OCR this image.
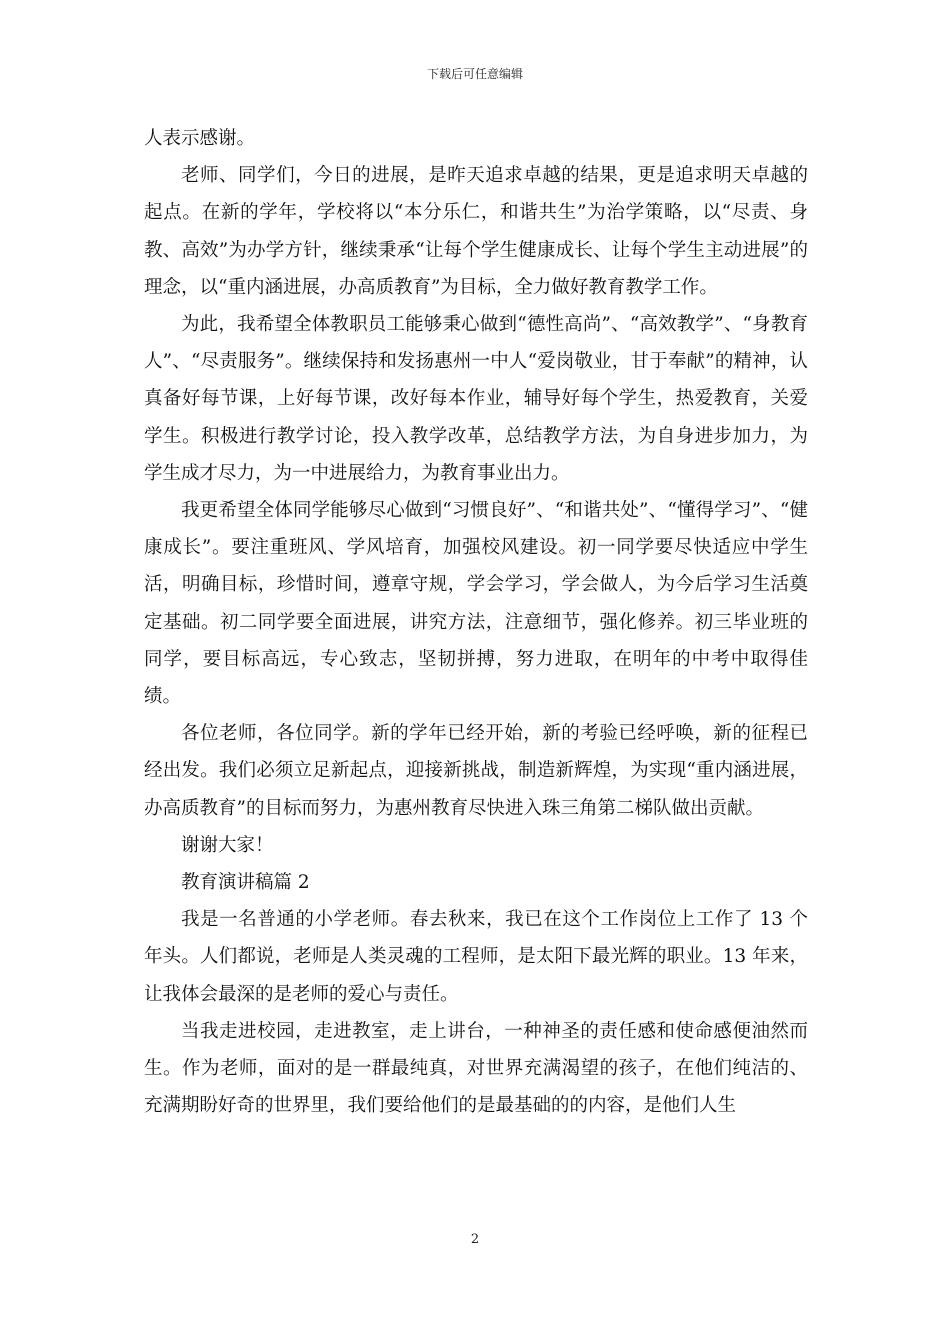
下载后可任意编辑

人表示感谢。

老师、同学们，今日的进展，是昨天追求卓越的结果，更是追求明天卓越的起点。在新的学年，学校将以“本分乐仁，和谐共生”为治学策略，以“尽责、身教、高效”为办学方针，继续秉承“让每个学生健康成长、让每个学生主动进展”的理念，以“重内涵进展，办高质教育”为目标，全力做好教育教学工作。

为此，我希望全体教职员工能够秉心做到“德性高尚”、“高效教学”、“身教育人”、“尽责服务”。继续保持和发扬惠州一中人“爱岗敬业，甘于奉献”的精神，认真备好每节课，上好每节课，改好每本作业，辅导好每个学生，热爱教育，关爱学生。积极进行教学讨论，投入教学改革，总结教学方法，为自身进步加力，为学生成才尽力，为一中进展给力，为教育事业出力。

我更希望全体同学能够尽心做到“习惯良好”、“和谐共处”、“懂得学习”、“健康成长”。要注重班风、学风培育，加强校风建设。初一同学要尽快适应中学生活，明确目标，珍惜时间，遵章守规，学会学习，学会做人，为今后学习生活奠定基础。初二同学要全面进展，讲究方法，注意细节，强化修养。初三毕业班的同学，要目标高远，专心致志，坚韧拼搏，努力进取，在明年的中考中取得佳绩。

各位老师，各位同学。新的学年已经开始，新的考验已经呼唤，新的征程已经出发。我们必须立足新起点，迎接新挑战，制造新辉煌，为实现“重内涵进展，办高质教育”的目标而努力，为惠州教育尽快进入珠三角第二梯队做出贡献。

谢谢大家！

教育演讲稿篇 2

我是一名普通的小学老师。春去秋来，我已在这个工作岗位上工作了 13 个年头。人们都说，老师是人类灵魂的工程师，是太阳下最光辉的职业。13 年来，让我体会最深的是老师的爱心与责任。

当我走进校园，走进教室，走上讲台，一种神圣的责任感和使命感便油然而生。作为老师，面对的是一群最纯真，对世界充满渴望的孩子，在他们纯洁的、充满期盼好奇的世界里，我们要给他们的是最基础的的内容，是他们人生

2
